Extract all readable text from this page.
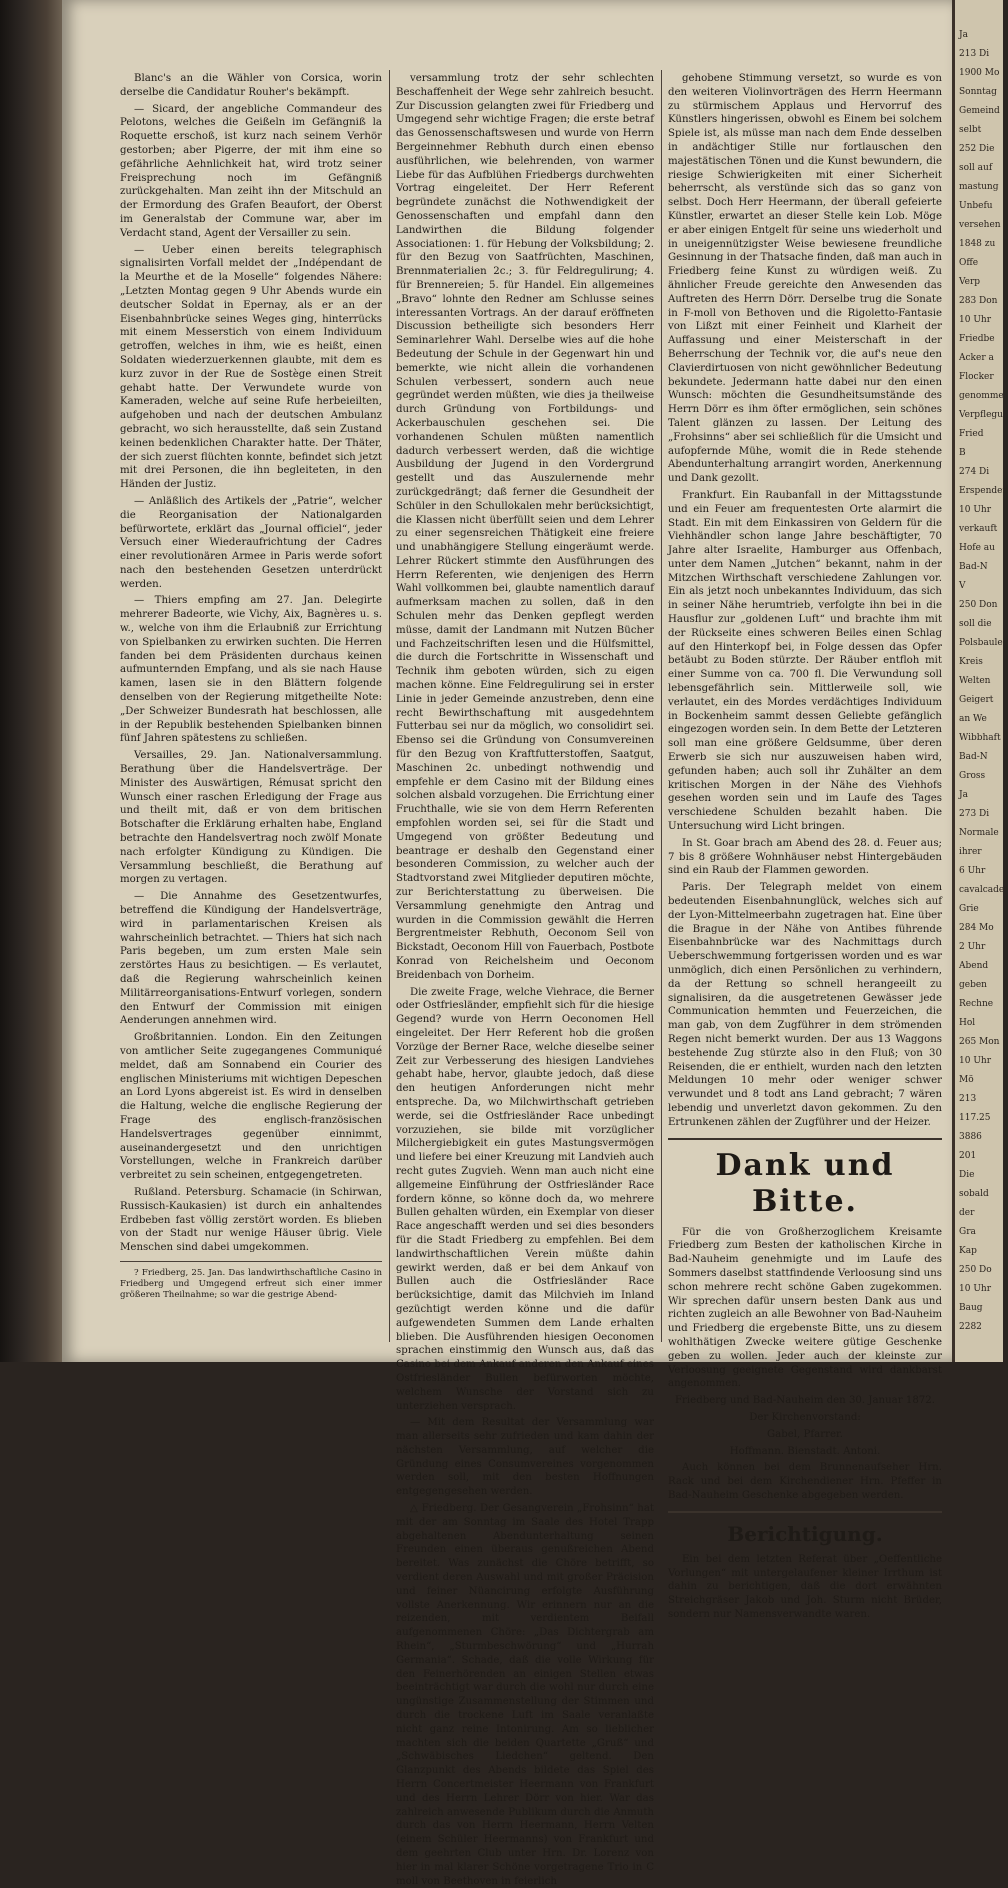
Blanc's an die Wähler von Corsica, worin derselbe die Candidatur Rouher's bekämpft.

— Sicard, der angebliche Commandeur des Pelotons, welches die Geißeln im Gefängniß la Roquette erschoß, ist kurz nach seinem Verhör gestorben; aber Pigerre, der mit ihm eine so gefährliche Aehnlichkeit hat, wird trotz seiner Freisprechung noch im Gefängniß zurückgehalten. Man zeiht ihn der Mitschuld an der Ermordung des Grafen Beaufort, der Oberst im Generalstab der Commune war, aber im Verdacht stand, Agent der Versailler zu sein.

— Ueber einen bereits telegraphisch signalisirten Vorfall meldet der „Indépendant de la Meurthe et de la Moselle“ folgendes Nähere: „Letzten Montag gegen 9 Uhr Abends wurde ein deutscher Soldat in Epernay, als er an der Eisenbahnbrücke seines Weges ging, hinterrücks mit einem Messerstich von einem Individuum getroffen, welches in ihm, wie es heißt, einen Soldaten wiederzuerkennen glaubte, mit dem es kurz zuvor in der Rue de Sostège einen Streit gehabt hatte. Der Verwundete wurde von Kameraden, welche auf seine Rufe herbeieilten, aufgehoben und nach der deutschen Ambulanz gebracht, wo sich herausstellte, daß sein Zustand keinen bedenklichen Charakter hatte. Der Thäter, der sich zuerst flüchten konnte, befindet sich jetzt mit drei Personen, die ihn begleiteten, in den Händen der Justiz.

— Anläßlich des Artikels der „Patrie“, welcher die Reorganisation der Nationalgarden befürwortete, erklärt das „Journal officiel“, jeder Versuch einer Wiederaufrichtung der Cadres einer revolutionären Armee in Paris werde sofort nach den bestehenden Gesetzen unterdrückt werden.

— Thiers empfing am 27. Jan. Delegirte mehrerer Badeorte, wie Vichy, Aix, Bagnères u. s. w., welche von ihm die Erlaubniß zur Errichtung von Spielbanken zu erwirken suchten. Die Herren fanden bei dem Präsidenten durchaus keinen aufmunternden Empfang, und als sie nach Hause kamen, lasen sie in den Blättern folgende denselben von der Regierung mitgetheilte Note: „Der Schweizer Bundesrath hat beschlossen, alle in der Republik bestehenden Spielbanken binnen fünf Jahren spätestens zu schließen.

Versailles, 29. Jan. Nationalversammlung. Berathung über die Handelsverträge. Der Minister des Auswärtigen, Rémusat spricht den Wunsch einer raschen Erledigung der Frage aus und theilt mit, daß er von dem britischen Botschafter die Erklärung erhalten habe, England betrachte den Handelsvertrag noch zwölf Monate nach erfolgter Kündigung zu Kündigen. Die Versammlung beschließt, die Berathung auf morgen zu vertagen.

— Die Annahme des Gesetzentwurfes, betreffend die Kündigung der Handelsverträge, wird in parlamentarischen Kreisen als wahrscheinlich betrachtet. — Thiers hat sich nach Paris begeben, um zum ersten Male sein zerstörtes Haus zu besichtigen. — Es verlautet, daß die Regierung wahrscheinlich keinen Militärreorganisations-Entwurf vorlegen, sondern den Entwurf der Commission mit einigen Aenderungen annehmen wird.

Großbritannien. London. Ein den Zeitungen von amtlicher Seite zugegangenes Communiqué meldet, daß am Sonnabend ein Courier des englischen Ministeriums mit wichtigen Depeschen an Lord Lyons abgereist ist. Es wird in denselben die Haltung, welche die englische Regierung der Frage des englisch-französischen Handelsvertrages gegenüber einnimmt, auseinandergesetzt und den unrichtigen Vorstellungen, welche in Frankreich darüber verbreitet zu sein scheinen, entgegengetreten.

Rußland. Petersburg. Schamacie (in Schirwan, Russisch-Kaukasien) ist durch ein anhaltendes Erdbeben fast völlig zerstört worden. Es blieben von der Stadt nur wenige Häuser übrig. Viele Menschen sind dabei umgekommen.

? Friedberg, 25. Jan. Das landwirthschaftliche Casino in Friedberg und Umgegend erfreut sich einer immer größeren Theilnahme; so war die gestrige Abend-

versammlung trotz der sehr schlechten Beschaffenheit der Wege sehr zahlreich besucht. Zur Discussion gelangten zwei für Friedberg und Umgegend sehr wichtige Fragen; die erste betraf das Genossenschaftswesen und wurde von Herrn Bergeinnehmer Rebhuth durch einen ebenso ausführlichen, wie belehrenden, von warmer Liebe für das Aufblühen Friedbergs durchwehten Vortrag eingeleitet. Der Herr Referent begründete zunächst die Nothwendigkeit der Genossenschaften und empfahl dann den Landwirthen die Bildung folgender Associationen: 1. für Hebung der Volksbildung; 2. für den Bezug von Saatfrüchten, Maschinen, Brennmaterialien 2c.; 3. für Feldregulirung; 4. für Brennereien; 5. für Handel. Ein allgemeines „Bravo“ lohnte den Redner am Schlusse seines interessanten Vortrags. An der darauf eröffneten Discussion betheiligte sich besonders Herr Seminarlehrer Wahl. Derselbe wies auf die hohe Bedeutung der Schule in der Gegenwart hin und bemerkte, wie nicht allein die vorhandenen Schulen verbessert, sondern auch neue gegründet werden müßten, wie dies ja theilweise durch Gründung von Fortbildungs- und Ackerbauschulen geschehen sei. Die vorhandenen Schulen müßten namentlich dadurch verbessert werden, daß die wichtige Ausbildung der Jugend in den Vordergrund gestellt und das Auszulernende mehr zurückgedrängt; daß ferner die Gesundheit der Schüler in den Schullokalen mehr berücksichtigt, die Klassen nicht überfüllt seien und dem Lehrer zu einer segensreichen Thätigkeit eine freiere und unabhängigere Stellung eingeräumt werde. Lehrer Rückert stimmte den Ausführungen des Herrn Referenten, wie denjenigen des Herrn Wahl vollkommen bei, glaubte namentlich darauf aufmerksam machen zu sollen, daß in den Schulen mehr das Denken gepflegt werden müsse, damit der Landmann mit Nutzen Bücher und Fachzeitschriften lesen und die Hülfsmittel, die durch die Fortschritte in Wissenschaft und Technik ihm geboten würden, sich zu eigen machen könne. Eine Feldregulirung sei in erster Linie in jeder Gemeinde anzustreben, denn eine recht Bewirthschaftung mit ausgedehntem Futterbau sei nur da möglich, wo consolidirt sei. Ebenso sei die Gründung von Consumvereinen für den Bezug von Kraftfutterstoffen, Saatgut, Maschinen 2c. unbedingt nothwendig und empfehle er dem Casino mit der Bildung eines solchen alsbald vorzugehen. Die Errichtung einer Fruchthalle, wie sie von dem Herrn Referenten empfohlen worden sei, sei für die Stadt und Umgegend von größter Bedeutung und beantrage er deshalb den Gegenstand einer besonderen Commission, zu welcher auch der Stadtvorstand zwei Mitglieder deputiren möchte, zur Berichterstattung zu überweisen. Die Versammlung genehmigte den Antrag und wurden in die Commission gewählt die Herren Bergrentmeister Rebhuth, Oeconom Seil von Bickstadt, Oeconom Hill von Fauerbach, Postbote Konrad von Reichelsheim und Oeconom Breidenbach von Dorheim.

Die zweite Frage, welche Viehrace, die Berner oder Ostfriesländer, empfiehlt sich für die hiesige Gegend? wurde von Herrn Oeconomen Hell eingeleitet. Der Herr Referent hob die großen Vorzüge der Berner Race, welche dieselbe seiner Zeit zur Verbesserung des hiesigen Landviehes gehabt habe, hervor, glaubte jedoch, daß diese den heutigen Anforderungen nicht mehr entspreche. Da, wo Milchwirthschaft getrieben werde, sei die Ostfriesländer Race unbedingt vorzuziehen, sie bilde mit vorzüglicher Milchergiebigkeit ein gutes Mastungsvermögen und liefere bei einer Kreuzung mit Landvieh auch recht gutes Zugvieh. Wenn man auch nicht eine allgemeine Einführung der Ostfriesländer Race fordern könne, so könne doch da, wo mehrere Bullen gehalten würden, ein Exemplar von dieser Race angeschafft werden und sei dies besonders für die Stadt Friedberg zu empfehlen. Bei dem landwirthschaftlichen Verein müßte dahin gewirkt werden, daß er bei dem Ankauf von Bullen auch die Ostfriesländer Race berücksichtige, damit das Milchvieh im Inland gezüchtigt werden könne und die dafür aufgewendeten Summen dem Lande erhalten blieben. Die Ausführenden hiesigen Oeconomen sprachen einstimmig den Wunsch aus, daß das Casino bei dem Ankauf anderen den Ankauf eines Ostfriesländer Bullen befürworten möchte, welchem Wunsche der Vorstand sich zu unterziehen versprach.

— Mit dem Resultat der Versammlung war man allerseits sehr zufrieden und kam dahin der nächsten Versammlung, auf welcher die Gründung eines Consumvereines vorgenommen werden soll, mit den besten Hoffnungen entgegengesehen werden.

△ Friedberg. Der Gesangverein „Frohsinn“ hat mit der am Sonntag im Saale des Hotel Trapp abgehaltenen Abendunterhaltung seinen Freunden einen überaus genußreichen Abend bereitet. Was zunächst die Chöre betrifft, so verdient deren Auswahl und mit großer Präcision und feiner Nüancirung erfolgte Ausführung vollste Anerkennung. Wir erinnern nur an die reizenden, mit verdientem Beifall aufgenommenen Chöre: „Das Dichtergrab am Rhein“, „Sturmbeschwörung“ und „Hurrah Germania“. Schade, daß die volle Wirkung für den Feinerhörenden an einigen Stellen etwas beeinträchtigt war durch die wohl nur durch eine ungünstige Zusammenstellung der Stimmen und durch die trockene Luft im Saale veranlaßte nicht ganz reine Intonirung. Am so lieblicher machten sich die beiden Quartette „Gruß“ und „Schwäbisches Liedchen“ geltend. Den Glanzpunkt des Abends bildete das Spiel des Herrn Concertmeister Heermann von Frankfurt und des Herrn Lehrer Dörr von hier. War das zahlreich anwesende Publikum durch die Anmuth durch das von Herrn Heermann, Herrn Velten (einem Schüler Heermanns) von Frankfurt und dem geehrten Club unter Hrn. Dr. Lorenz von hier in mal klarer Schöne vorgetragene Trio in C moll von Beethoven in feierlich

gehobene Stimmung versetzt, so wurde es von den weiteren Violinvorträgen des Herrn Heermann zu stürmischem Applaus und Hervorruf des Künstlers hingerissen, obwohl es Einem bei solchem Spiele ist, als müsse man nach dem Ende desselben in andächtiger Stille nur fortlauschen den majestätischen Tönen und die Kunst bewundern, die riesige Schwierigkeiten mit einer Sicherheit beherrscht, als verstünde sich das so ganz von selbst. Doch Herr Heermann, der überall gefeierte Künstler, erwartet an dieser Stelle kein Lob. Möge er aber einigen Entgelt für seine uns wiederholt und in uneigennützigster Weise bewiesene freundliche Gesinnung in der Thatsache finden, daß man auch in Friedberg feine Kunst zu würdigen weiß. Zu ähnlicher Freude gereichte den Anwesenden das Auftreten des Herrn Dörr. Derselbe trug die Sonate in F-moll von Bethoven und die Rigoletto-Fantasie von Lißzt mit einer Feinheit und Klarheit der Auffassung und einer Meisterschaft in der Beherrschung der Technik vor, die auf's neue den Clavierdirtuosen von nicht gewöhnlicher Bedeutung bekundete. Jedermann hatte dabei nur den einen Wunsch: möchten die Gesundheitsumstände des Herrn Dörr es ihm öfter ermöglichen, sein schönes Talent glänzen zu lassen. Der Leitung des „Frohsinns“ aber sei schließlich für die Umsicht und aufopfernde Mühe, womit die in Rede stehende Abendunterhaltung arrangirt worden, Anerkennung und Dank gezollt.

Frankfurt. Ein Raubanfall in der Mittagsstunde und ein Feuer am frequentesten Orte alarmirt die Stadt. Ein mit dem Einkassiren von Geldern für die Viehhändler schon lange Jahre beschäftigter, 70 Jahre alter Israelite, Hamburger aus Offenbach, unter dem Namen „Jutchen“ bekannt, nahm in der Mitzchen Wirthschaft verschiedene Zahlungen vor. Ein als jetzt noch unbekanntes Individuum, das sich in seiner Nähe herumtrieb, verfolgte ihn bei in die Hausflur zur „goldenen Luft“ und brachte ihm mit der Rückseite eines schweren Beiles einen Schlag auf den Hinterkopf bei, in Folge dessen das Opfer betäubt zu Boden stürzte. Der Räuber entfloh mit einer Summe von ca. 700 fl. Die Verwundung soll lebensgefährlich sein. Mittlerweile soll, wie verlautet, ein des Mordes verdächtiges Individuum in Bockenheim sammt dessen Geliebte gefänglich eingezogen worden sein. In dem Bette der Letzteren soll man eine größere Geldsumme, über deren Erwerb sie sich nur auszuweisen haben wird, gefunden haben; auch soll ihr Zuhälter an dem kritischen Morgen in der Nähe des Viehhofs gesehen worden sein und im Laufe des Tages verschiedene Schulden bezahlt haben. Die Untersuchung wird Licht bringen.

In St. Goar brach am Abend des 28. d. Feuer aus; 7 bis 8 größere Wohnhäuser nebst Hintergebäuden sind ein Raub der Flammen geworden.

Paris. Der Telegraph meldet von einem bedeutenden Eisenbahnunglück, welches sich auf der Lyon-Mittelmeerbahn zugetragen hat. Eine über die Brague in der Nähe von Antibes führende Eisenbahnbrücke war des Nachmittags durch Ueberschwemmung fortgerissen worden und es war unmöglich, dich einen Persönlichen zu verhindern, da der Rettung so schnell herangeeilt zu signalisiren, da die ausgetretenen Gewässer jede Communication hemmten und Feuerzeichen, die man gab, von dem Zugführer in dem strömenden Regen nicht bemerkt wurden. Der aus 13 Waggons bestehende Zug stürzte also in den Fluß; von 30 Reisenden, die er enthielt, wurden nach den letzten Meldungen 10 mehr oder weniger schwer verwundet und 8 todt ans Land gebracht; 7 wären lebendig und unverletzt davon gekommen. Zu den Ertrunkenen zählen der Zugführer und der Heizer.

Dank und Bitte.

Für die von Großherzoglichem Kreisamte Friedberg zum Besten der katholischen Kirche in Bad-Nauheim genehmigte und im Laufe des Sommers daselbst stattfindende Verloosung sind uns schon mehrere recht schöne Gaben zugekommen. Wir sprechen dafür unsern besten Dank aus und richten zugleich an alle Bewohner von Bad-Nauheim und Friedberg die ergebenste Bitte, uns zu diesem wohlthätigen Zwecke weitere gütige Geschenke geben zu wollen. Jeder auch der kleinste zur Verloosung geeignete Gegenstand wird dankbarst angenommen.

Friedberg und Bad-Nauheim den 30. Januar 1872.

Der Kirchenvorstand:

Gabel, Pfarrer.

Hoffmann. Bienstadt. Antoni.

Auch können bei dem Brunnenaufseher Hrn. Rack und bei dem Kirchendiener Hrn. Pfeffer in Bad-Nauheim Geschenke abgegeben werden.

Berichtigung.

Ein bei dem letzten Referat über „Oeffentliche Vorlungen“ mit untergelaufener kleiner Irrthum ist dahin zu berichtigen, daß die dort erwähnten Streichgräser Jakob und Joh. Sturm nicht Brüder, sondern nur Namensverwandte waren.

Ja
213 Di
1900 Mo
Sonntag
Gemeind
selbt
252 Die
soll auf
mastung
Unbefu
versehen
1848 zu
Offe
Verp
283 Don
10 Uhr
Friedbe
Acker a
Flocker
genomme
Verpflegu
Fried
B
274 Di
Erspenden
10 Uhr
verkauft
Hofe au
Bad-N
V
250 Don
soll die
Polsbaule
Kreis
Welten
Geigert
an We
Wibbhaft
Bad-N
Gross
Ja
273 Di
Normale
ihrer
6 Uhr
cavalcade
Grie
284 Mo
2 Uhr
Abend
geben
Rechne
Hol
265 Mon
10 Uhr
Mö
213
117.25
3886
201
Die
sobald
der
Gra
Kap
250 Do
10 Uhr
Baug
2282
